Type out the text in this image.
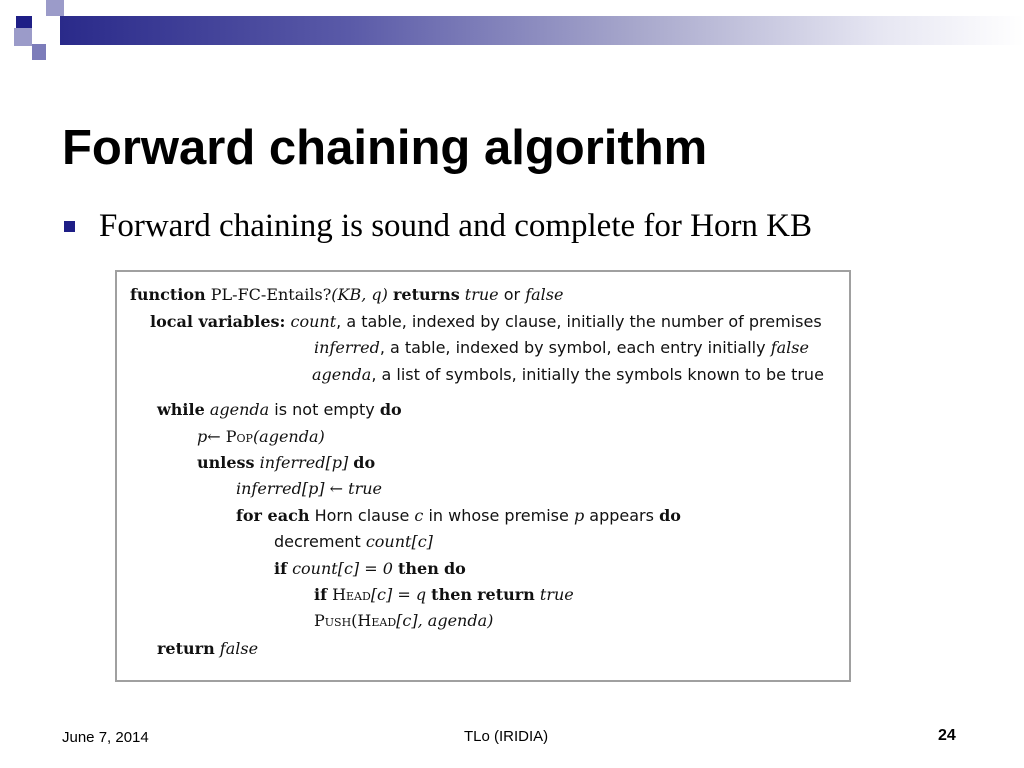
Forward chaining algorithm
Forward chaining is sound and complete for Horn KB
function PL-FC-Entails?(KB, q) returns true or false
local variables: count, a table, indexed by clause, initially the number of premises
inferred, a table, indexed by symbol, each entry initially false
agenda, a list of symbols, initially the symbols known to be true
while agenda is not empty do
p← Pop(agenda)
unless inferred[p] do
inferred[p] ← true
for each Horn clause c in whose premise p appears do
decrement count[c]
if count[c] = 0 then do
if Head[c] = q then return true
Push(Head[c], agenda)
return false
June 7, 2014	TLo (IRIDIA)	24
